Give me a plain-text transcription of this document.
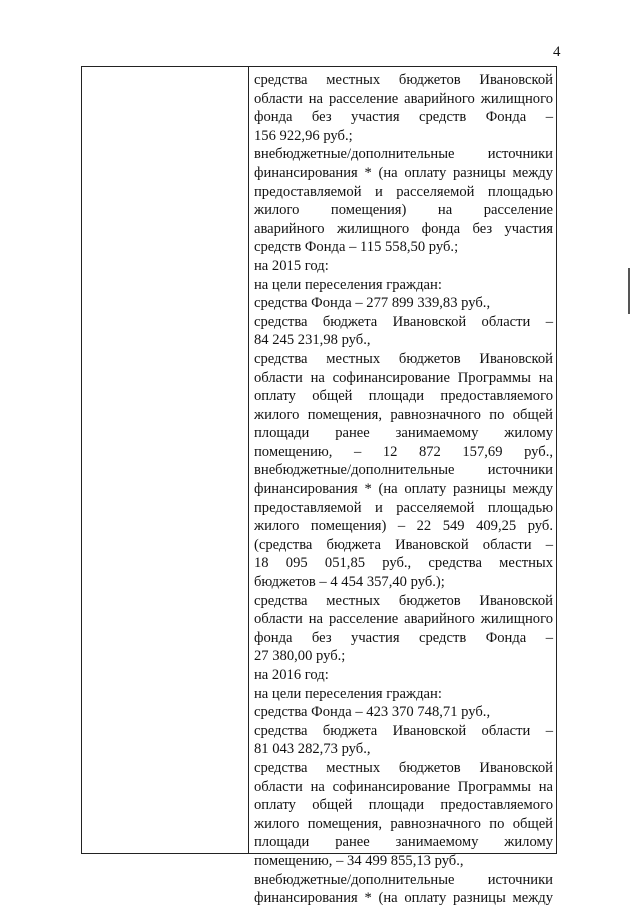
4
средства местных бюджетов Ивановской
области на расселение аварийного жилищного
фонда без участия средств Фонда –
156 922,96 руб.;
внебюджетные/дополнительные источники
финансирования * (на оплату разницы между
предоставляемой и расселяемой площадью
жилого помещения) на расселение
аварийного жилищного фонда без участия
средств Фонда – 115 558,50 руб.;
на 2015 год:
на цели переселения граждан:
средства Фонда – 277 899 339,83 руб.,
средства бюджета Ивановской области –
84 245 231,98 руб.,
средства местных бюджетов Ивановской
области на софинансирование Программы на
оплату общей площади предоставляемого
жилого помещения, равнозначного по общей
площади ранее занимаемому жилому
помещению, – 12 872 157,69 руб.,
внебюджетные/дополнительные источники
финансирования * (на оплату разницы между
предоставляемой и расселяемой площадью
жилого помещения) – 22 549 409,25 руб.
(средства бюджета Ивановской области –
18 095 051,85 руб., средства местных
бюджетов – 4 454 357,40 руб.);
средства местных бюджетов Ивановской
области на расселение аварийного жилищного
фонда без участия средств Фонда –
27 380,00 руб.;
на 2016 год:
на цели переселения граждан:
средства Фонда – 423 370 748,71 руб.,
средства бюджета Ивановской области –
81 043 282,73 руб.,
средства местных бюджетов Ивановской
области на софинансирование Программы на
оплату общей площади предоставляемого
жилого помещения, равнозначного по общей
площади ранее занимаемому жилому
помещению, – 34 499 855,13 руб.,
внебюджетные/дополнительные источники
финансирования * (на оплату разницы между
